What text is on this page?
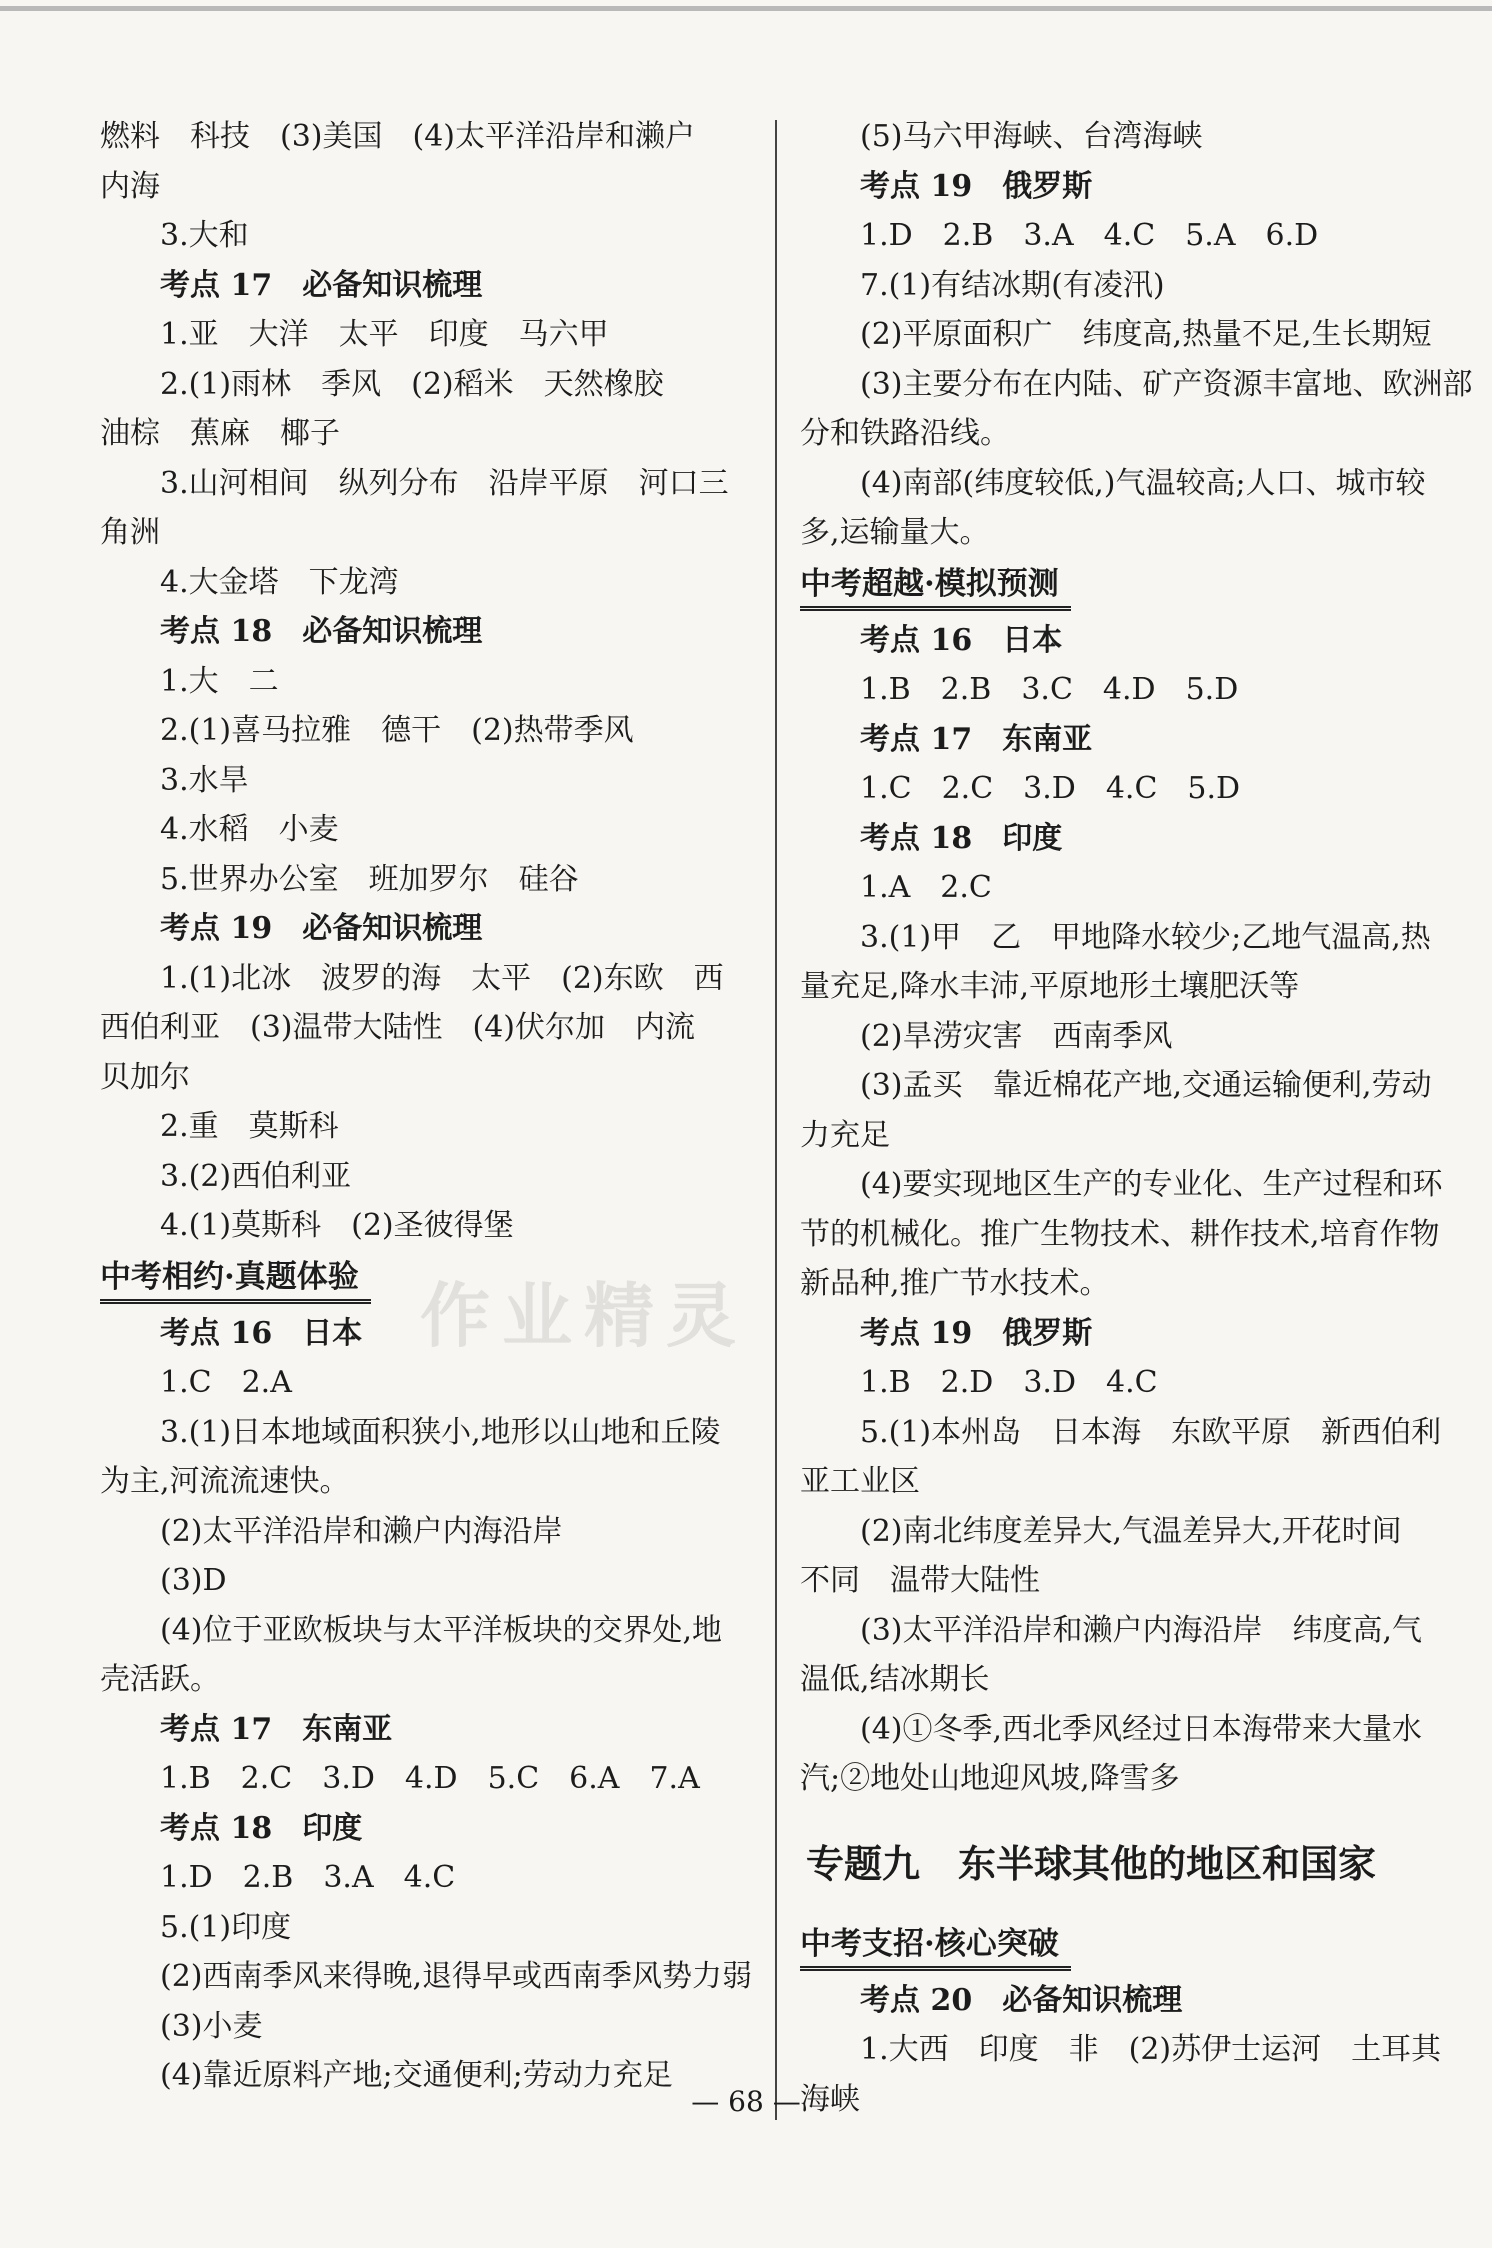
燃料　科技　(3)美国　(4)太平洋沿岸和濑户
内海
3.大和
考点 17　必备知识梳理
1.亚　大洋　太平　印度　马六甲
2.(1)雨林　季风　(2)稻米　天然橡胶
油棕　蕉麻　椰子
3.山河相间　纵列分布　沿岸平原　河口三
角洲
4.大金塔　下龙湾
考点 18　必备知识梳理
1.大　二
2.(1)喜马拉雅　德干　(2)热带季风
3.水旱
4.水稻　小麦
5.世界办公室　班加罗尔　硅谷
考点 19　必备知识梳理
1.(1)北冰　波罗的海　太平　(2)东欧　西
西伯利亚　(3)温带大陆性　(4)伏尔加　内流
贝加尔
2.重　莫斯科
3.(2)西伯利亚
4.(1)莫斯科　(2)圣彼得堡
中考相约·真题体验
考点 16　日本
1.C　2.A
3.(1)日本地域面积狭小,地形以山地和丘陵
为主,河流流速快。
(2)太平洋沿岸和濑户内海沿岸
(3)D
(4)位于亚欧板块与太平洋板块的交界处,地
壳活跃。
考点 17　东南亚
1.B　2.C　3.D　4.D　5.C　6.A　7.A
考点 18　印度
1.D　2.B　3.A　4.C
5.(1)印度
(2)西南季风来得晚,退得早或西南季风势力弱
(3)小麦
(4)靠近原料产地;交通便利;劳动力充足
(5)马六甲海峡、台湾海峡
考点 19　俄罗斯
1.D　2.B　3.A　4.C　5.A　6.D
7.(1)有结冰期(有凌汛)
(2)平原面积广　纬度高,热量不足,生长期短
(3)主要分布在内陆、矿产资源丰富地、欧洲部
分和铁路沿线。
(4)南部(纬度较低,)气温较高;人口、城市较
多,运输量大。
中考超越·模拟预测
考点 16　日本
1.B　2.B　3.C　4.D　5.D
考点 17　东南亚
1.C　2.C　3.D　4.C　5.D
考点 18　印度
1.A　2.C
3.(1)甲　乙　甲地降水较少;乙地气温高,热
量充足,降水丰沛,平原地形土壤肥沃等
(2)旱涝灾害　西南季风
(3)孟买　靠近棉花产地,交通运输便利,劳动
力充足
(4)要实现地区生产的专业化、生产过程和环
节的机械化。推广生物技术、耕作技术,培育作物
新品种,推广节水技术。
考点 19　俄罗斯
1.B　2.D　3.D　4.C
5.(1)本州岛　日本海　东欧平原　新西伯利
亚工业区
(2)南北纬度差异大,气温差异大,开花时间
不同　温带大陆性
(3)太平洋沿岸和濑户内海沿岸　纬度高,气
温低,结冰期长
(4)①冬季,西北季风经过日本海带来大量水
汽;②地处山地迎风坡,降雪多
专题九　东半球其他的地区和国家
中考支招·核心突破
考点 20　必备知识梳理
1.大西　印度　非　(2)苏伊士运河　土耳其
海峡
作业精灵
— 68 —
